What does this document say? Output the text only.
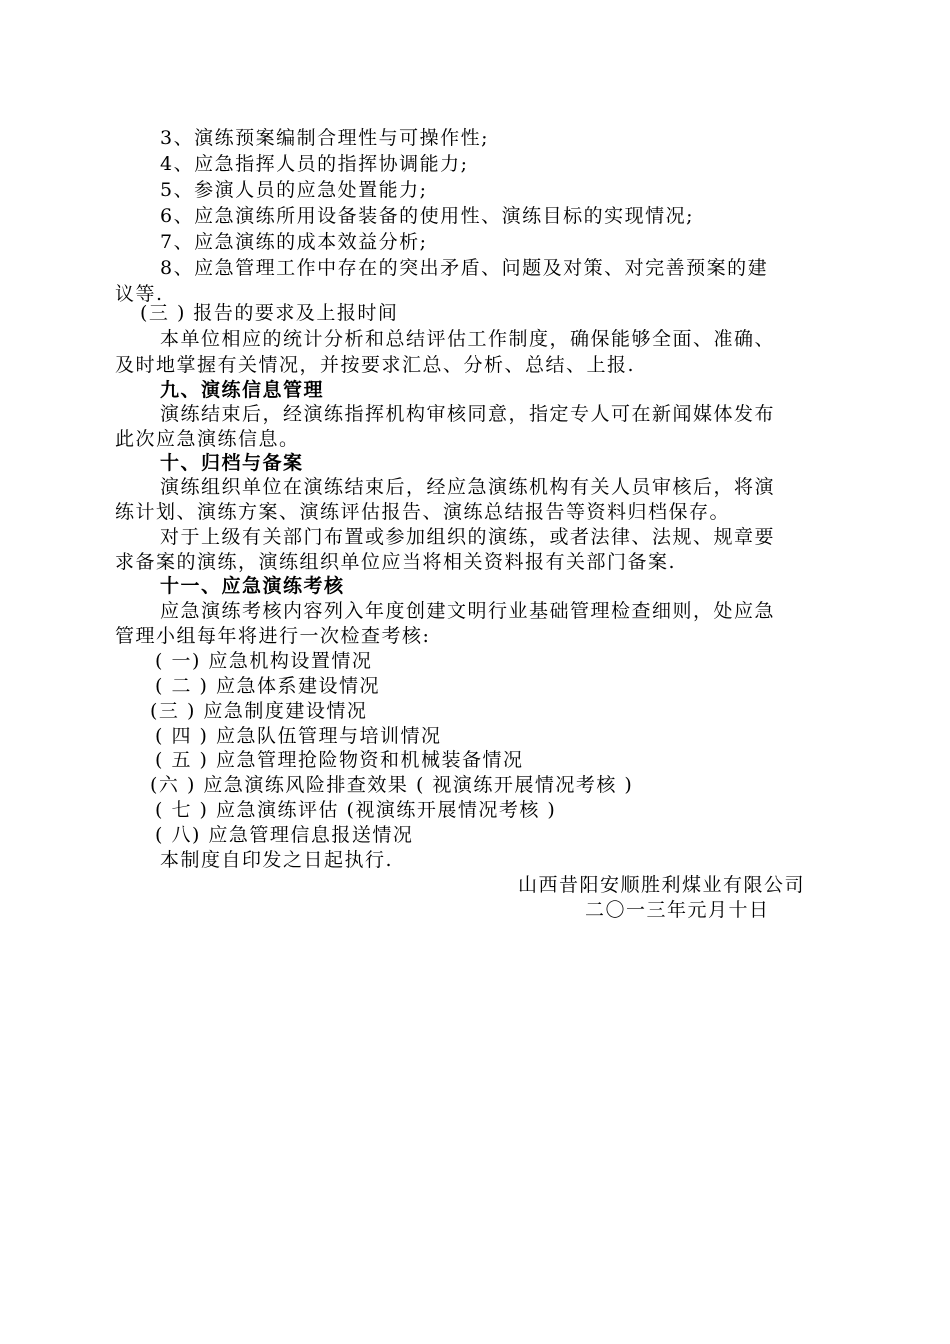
3、演练预案编制合理性与可操作性;
4、应急指挥人员的指挥协调能力;
5、参演人员的应急处置能力;
6、应急演练所用设备装备的使用性、演练目标的实现情况;
7、应急演练的成本效益分析;
8、应急管理工作中存在的突出矛盾、问题及对策、对完善预案的建
议等.
(三 ) 报告的要求及上报时间
本单位相应的统计分析和总结评估工作制度，确保能够全面、准确、
及时地掌握有关情况，并按要求汇总、分析、总结、上报.
九、演练信息管理
演练结束后，经演练指挥机构审核同意，指定专人可在新闻媒体发布
此次应急演练信息。
十、归档与备案
演练组织单位在演练结束后，经应急演练机构有关人员审核后，将演
练计划、演练方案、演练评估报告、演练总结报告等资料归档保存。
对于上级有关部门布置或参加组织的演练，或者法律、法规、规章要
求备案的演练，演练组织单位应当将相关资料报有关部门备案.
十一、应急演练考核
应急演练考核内容列入年度创建文明行业基础管理检查细则，处应急
管理小组每年将进行一次检查考核:
( 一) 应急机构设置情况
( 二 ) 应急体系建设情况
(三 ) 应急制度建设情况
( 四 ) 应急队伍管理与培训情况
( 五 ) 应急管理抢险物资和机械装备情况
(六 ) 应急演练风险排查效果 ( 视演练开展情况考核 )
( 七 ) 应急演练评估 (视演练开展情况考核 )
( 八) 应急管理信息报送情况
本制度自印发之日起执行.
山西昔阳安顺胜利煤业有限公司
二〇一三年元月十日
